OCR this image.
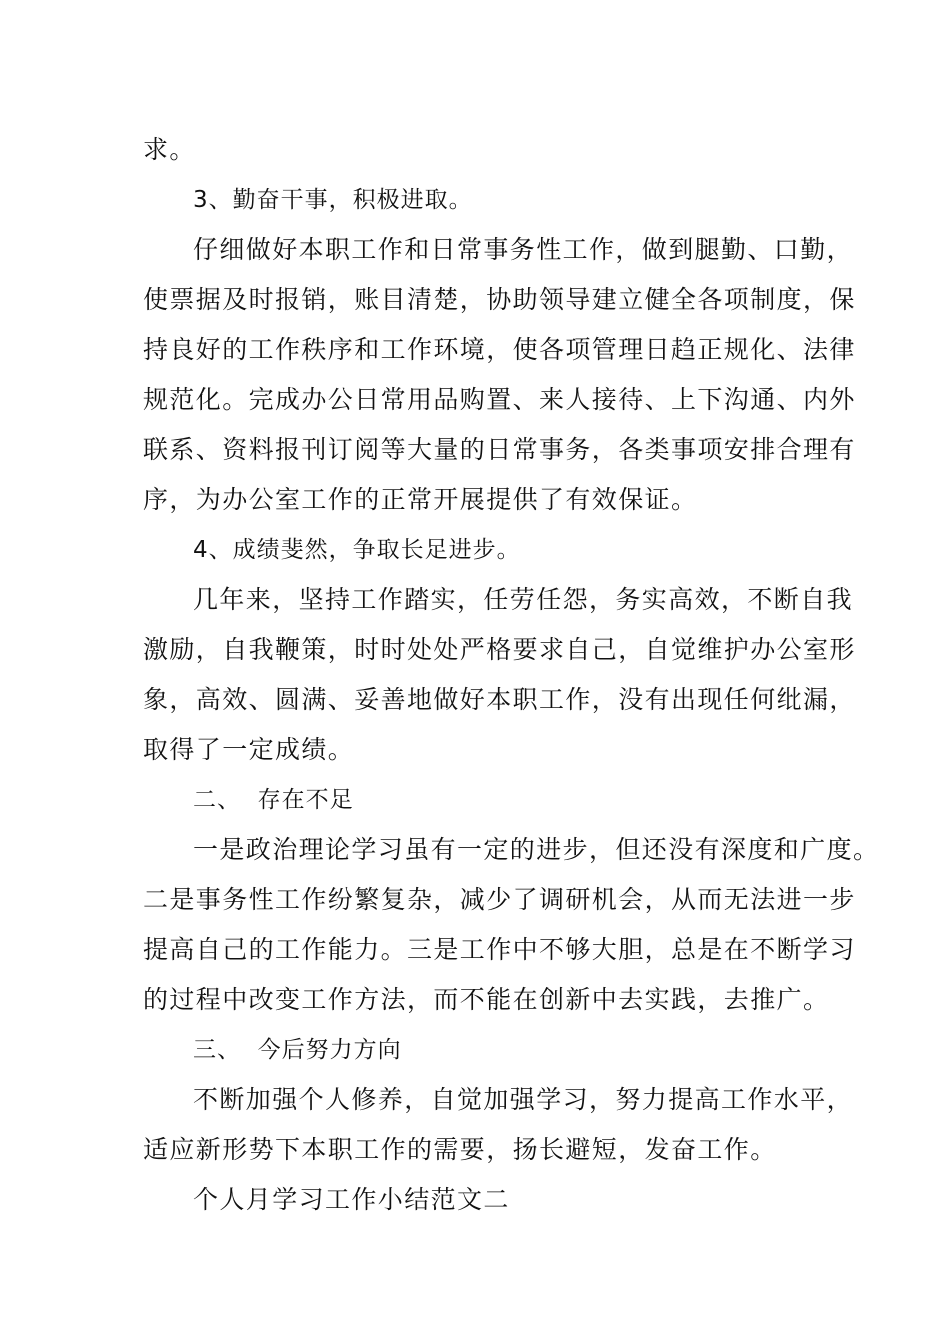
求。
3、勤奋干事，积极进取。
仔细做好本职工作和日常事务性工作，做到腿勤、口勤，
使票据及时报销，账目清楚，协助领导建立健全各项制度，保
持良好的工作秩序和工作环境，使各项管理日趋正规化、法律
规范化。完成办公日常用品购置、来人接待、上下沟通、内外
联系、资料报刊订阅等大量的日常事务，各类事项安排合理有
序，为办公室工作的正常开展提供了有效保证。
4、成绩斐然，争取长足进步。
几年来，坚持工作踏实，任劳任怨，务实高效，不断自我
激励，自我鞭策，时时处处严格要求自己，自觉维护办公室形
象，高效、圆满、妥善地做好本职工作，没有出现任何纰漏，
取得了一定成绩。
二、  存在不足
一是政治理论学习虽有一定的进步，但还没有深度和广度。
二是事务性工作纷繁复杂，减少了调研机会，从而无法进一步
提高自己的工作能力。三是工作中不够大胆，总是在不断学习
的过程中改变工作方法，而不能在创新中去实践，去推广。
三、  今后努力方向
不断加强个人修养，自觉加强学习，努力提高工作水平，
适应新形势下本职工作的需要，扬长避短，发奋工作。
个人月学习工作小结范文二
